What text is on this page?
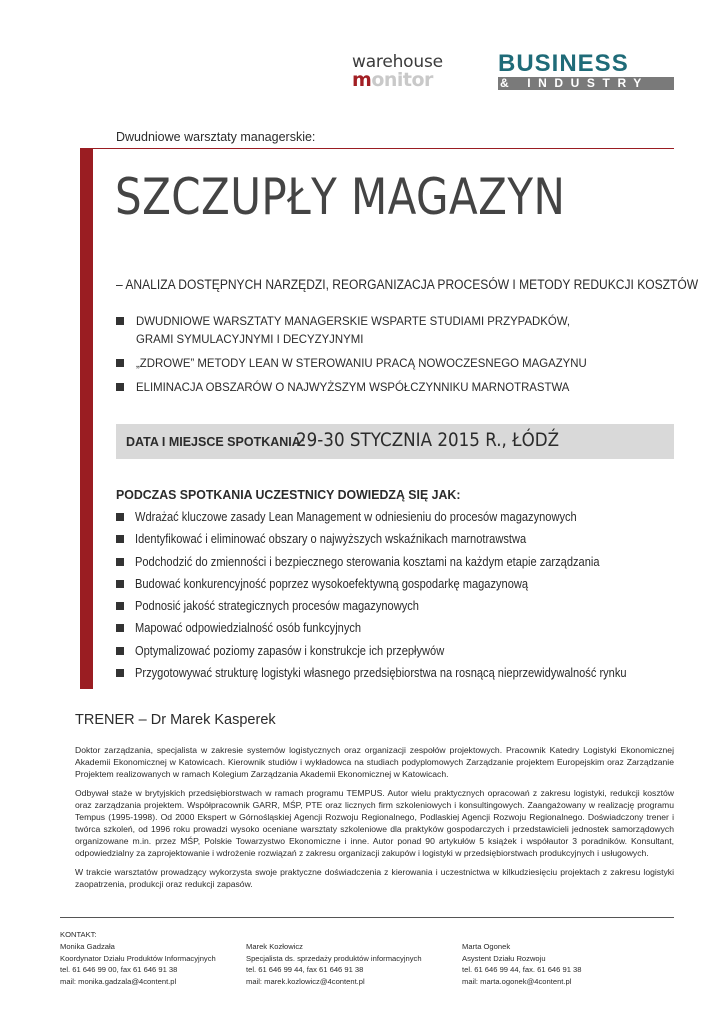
warehouse
monitor
BUSINESS
& INDUSTRY
Dwudniowe warsztaty managerskie:
SZCZUPŁY MAGAZYN
– ANALIZA DOSTĘPNYCH NARZĘDZI, REORGANIZACJA PROCESÓW I METODY REDUKCJI KOSZTÓW
DWUDNIOWE WARSZTATY MANAGERSKIE WSPARTE STUDIAMI PRZYPADKÓW,
GRAMI SYMULACYJNYMI I DECYZYJNYMI
„ZDROWE” METODY LEAN W STEROWANIU PRACĄ NOWOCZESNEGO MAGAZYNU
ELIMINACJA OBSZARÓW O NAJWYŻSZYM WSPÓŁCZYNNIKU MARNOTRASTWA
DATA I MIEJSCE SPOTKANIA:
29-30 STYCZNIA 2015 R., ŁÓDŹ
PODCZAS SPOTKANIA UCZESTNICY DOWIEDZĄ SIĘ JAK:
Wdrażać kluczowe zasady Lean Management w odniesieniu do procesów magazynowych
Identyfikować i eliminować obszary o najwyższych wskaźnikach marnotrawstwa
Podchodzić do zmienności i bezpiecznego sterowania kosztami na każdym etapie zarządzania
Budować konkurencyjność poprzez wysokoefektywną gospodarkę magazynową
Podnosić jakość strategicznych procesów magazynowych
Mapować odpowiedzialność osób funkcyjnych
Optymalizować poziomy zapasów i konstrukcje ich przepływów
Przygotowywać strukturę logistyki własnego przedsiębiorstwa na rosnącą nieprzewidywalność rynku
TRENER – Dr Marek Kasperek

Doktor zarządzania, specjalista w zakresie systemów logistycznych oraz organizacji zespołów projektowych. Pracownik Katedry Logistyki Ekonomicznej Akademii Ekonomicznej w Katowicach. Kierownik studiów i wykładowca na studiach podyplomowych Zarządzanie projektem Europejskim oraz Zarządzanie Projektem realizowanych w ramach Kolegium Zarządzania Akademii Ekonomicznej w Katowicach.

Odbywał staże w brytyjskich przedsiębiorstwach w ramach programu TEMPUS. Autor wielu praktycznych opracowań z zakresu logistyki, redukcji kosztów oraz zarządzania projektem. Współpracownik GARR, MŚP, PTE oraz licznych firm szkoleniowych i konsultingowych. Zaangażowany w realizację programu Tempus (1995-1998). Od 2000 Ekspert w Górnośląskiej Agencji Rozwoju Regionalnego, Podlaskiej Agencji Rozwoju Regionalnego. Doświadczony trener i twórca szkoleń, od 1996 roku prowadzi wysoko oceniane warsztaty szkoleniowe dla praktyków gospodarczych i przedstawicieli jednostek samorządowych organizowane m.in. przez MŚP, Polskie Towarzystwo Ekonomiczne i inne. Autor ponad 90 artykułów 5 książek i współautor 3 poradników. Konsultant, odpowiedzialny za zaprojektowanie i wdrożenie rozwiązań z zakresu organizacji zakupów i logistyki w przedsiębiorstwach produkcyjnych i usługowych.

W trakcie warsztatów prowadzący wykorzysta swoje praktyczne doświadczenia z kierowania i uczestnictwa w kilkudziesięciu projektach z zakresu logistyki zaopatrzenia, produkcji oraz redukcji zapasów.

KONTAKT:
Monika Gadzała
Koordynator Działu Produktów Informacyjnych
tel. 61 646 99 00, fax 61 646 91 38
mail: monika.gadzala@4content.pl
Marek Kozłowicz
Specjalista ds. sprzedaży produktów informacyjnych
tel. 61 646 99 44, fax 61 646 91 38
mail: marek.kozlowicz@4content.pl
Marta Ogonek
Asystent Działu Rozwoju
tel. 61 646 99 44, fax. 61 646 91 38
mail: marta.ogonek@4content.pl
